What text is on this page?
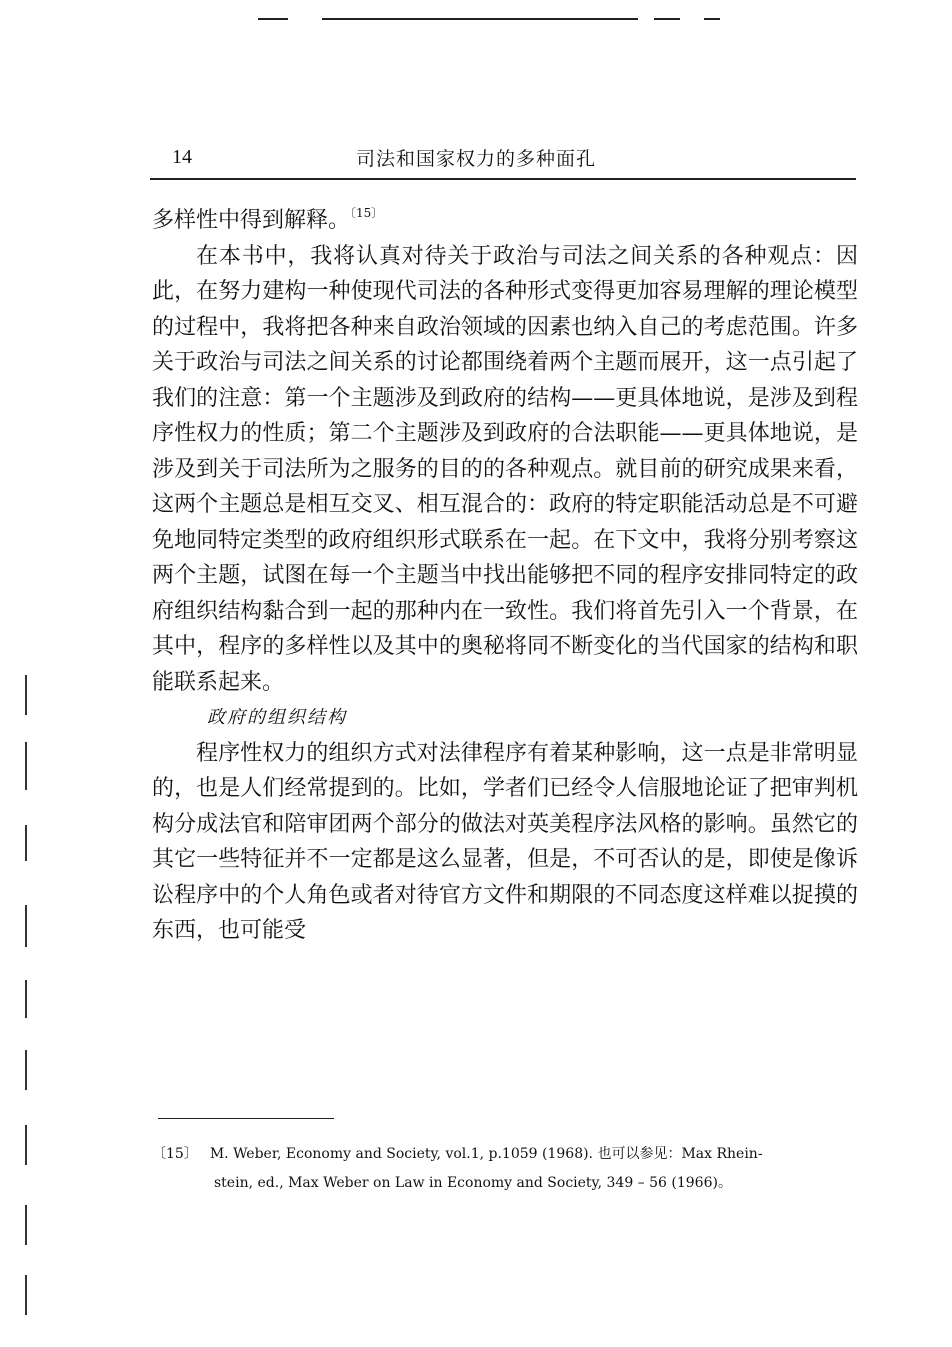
14	司法和国家权力的多种面孔

多样性中得到解释。$^{〔15〕}$

在本书中，我将认真对待关于政治与司法之间关系的各种观点：因此，在努力建构一种使现代司法的各种形式变得更加容易理解的理论模型的过程中，我将把各种来自政治领域的因素也纳入自己的考虑范围。许多关于政治与司法之间关系的讨论都围绕着两个主题而展开，这一点引起了我们的注意：第一个主题涉及到政府的结构——更具体地说，是涉及到程序性权力的性质；第二个主题涉及到政府的合法职能——更具体地说，是涉及到关于司法所为之服务的目的的各种观点。就目前的研究成果来看，这两个主题总是相互交叉、相互混合的：政府的特定职能活动总是不可避免地同特定类型的政府组织形式联系在一起。在下文中，我将分别考察这两个主题，试图在每一个主题当中找出能够把不同的程序安排同特定的政府组织结构黏合到一起的那种内在一致性。我们将首先引入一个背景，在其中，程序的多样性以及其中的奥秘将同不断变化的当代国家的结构和职能联系起来。

政府的组织结构

程序性权力的组织方式对法律程序有着某种影响，这一点是非常明显的，也是人们经常提到的。比如，学者们已经令人信服地论证了把审判机构分成法官和陪审团两个部分的做法对英美程序法风格的影响。虽然它的其它一些特征并不一定都是这么显著，但是，不可否认的是，即使是像诉讼程序中的个人角色或者对待官方文件和期限的不同态度这样难以捉摸的东西，也可能受

〔15〕 M. Weber, Economy and Society, vol.1, p.1059 (1968). 也可以参见：Max Rhein-

stein, ed., Max Weber on Law in Economy and Society, 349 – 56 (1966)。
